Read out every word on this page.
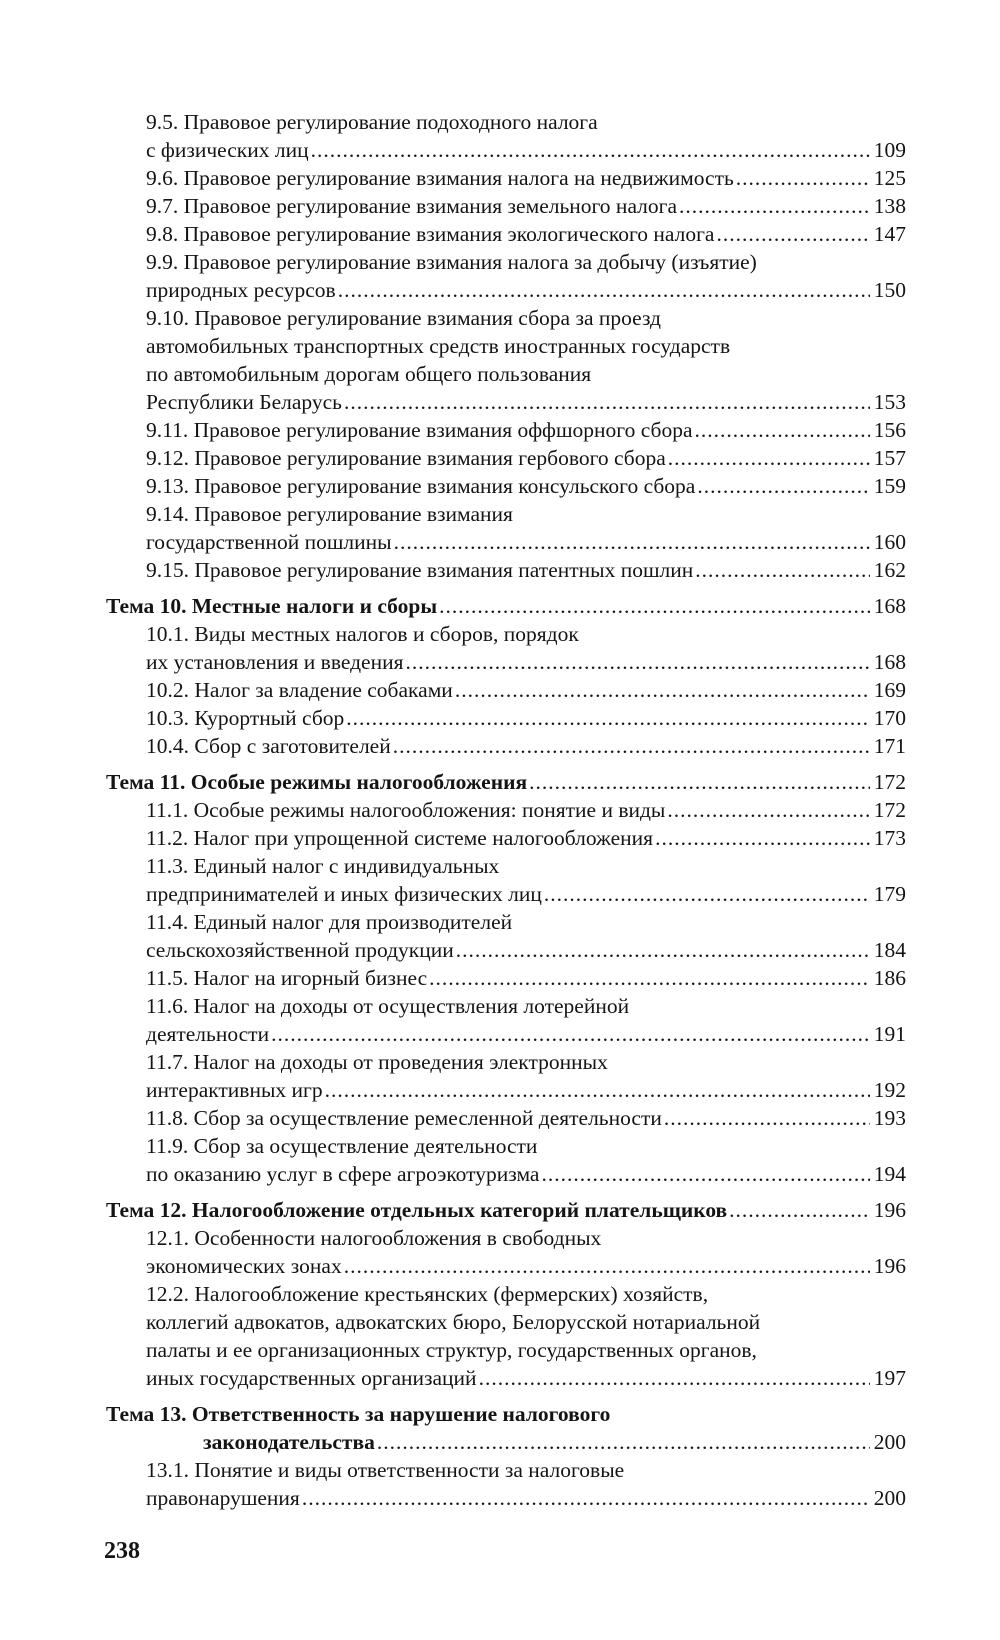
9.5. Правовое регулирование подоходного налога
с физических лиц .....	109
9.6. Правовое регулирование взимания налога на недвижимость .....	125
9.7. Правовое регулирование взимания земельного налога .....	138
9.8. Правовое регулирование взимания экологического налога .....	147
9.9. Правовое регулирование взимания налога за добычу (изъятие)
природных ресурсов .....	150
9.10. Правовое регулирование взимания сбора за проезд
автомобильных транспортных средств иностранных государств
по автомобильным дорогам общего пользования
Республики Беларусь .....	153
9.11. Правовое регулирование взимания оффшорного сбора .....	156
9.12. Правовое регулирование взимания гербового сбора .....	157
9.13. Правовое регулирование взимания консульского сбора .....	159
9.14. Правовое регулирование взимания
государственной пошлины .....	160
9.15. Правовое регулирование взимания патентных пошлин .....	162
Тема 10. Местные налоги и сборы .....	168
10.1. Виды местных налогов и сборов, порядок
их установления и введения .....	168
10.2. Налог за владение собаками .....	169
10.3. Курортный сбор .....	170
10.4. Сбор с заготовителей .....	171
Тема 11. Особые режимы налогообложения .....	172
11.1. Особые режимы налогообложения: понятие и виды .....	172
11.2. Налог при упрощенной системе налогообложения .....	173
11.3. Единый налог с индивидуальных
предпринимателей и иных физических лиц .....	179
11.4. Единый налог для производителей
сельскохозяйственной продукции .....	184
11.5. Налог на игорный бизнес .....	186
11.6. Налог на доходы от осуществления лотерейной
деятельности .....	191
11.7. Налог на доходы от проведения электронных
интерактивных игр .....	192
11.8. Сбор за осуществление ремесленной деятельности .....	193
11.9. Сбор за осуществление деятельности
по оказанию услуг в сфере агроэкотуризма .....	194
Тема 12. Налогообложение отдельных категорий плательщиков .....	196
12.1. Особенности налогообложения в свободных
экономических зонах .....	196
12.2. Налогообложение крестьянских (фермерских) хозяйств,
коллегий адвокатов, адвокатских бюро, Белорусской нотариальной
палаты и ее организационных структур, государственных органов,
иных государственных организаций .....	197
Тема 13. Ответственность за нарушение налогового
законодательства .....	200
13.1. Понятие и виды ответственности за налоговые
правонарушения .....	200
238
